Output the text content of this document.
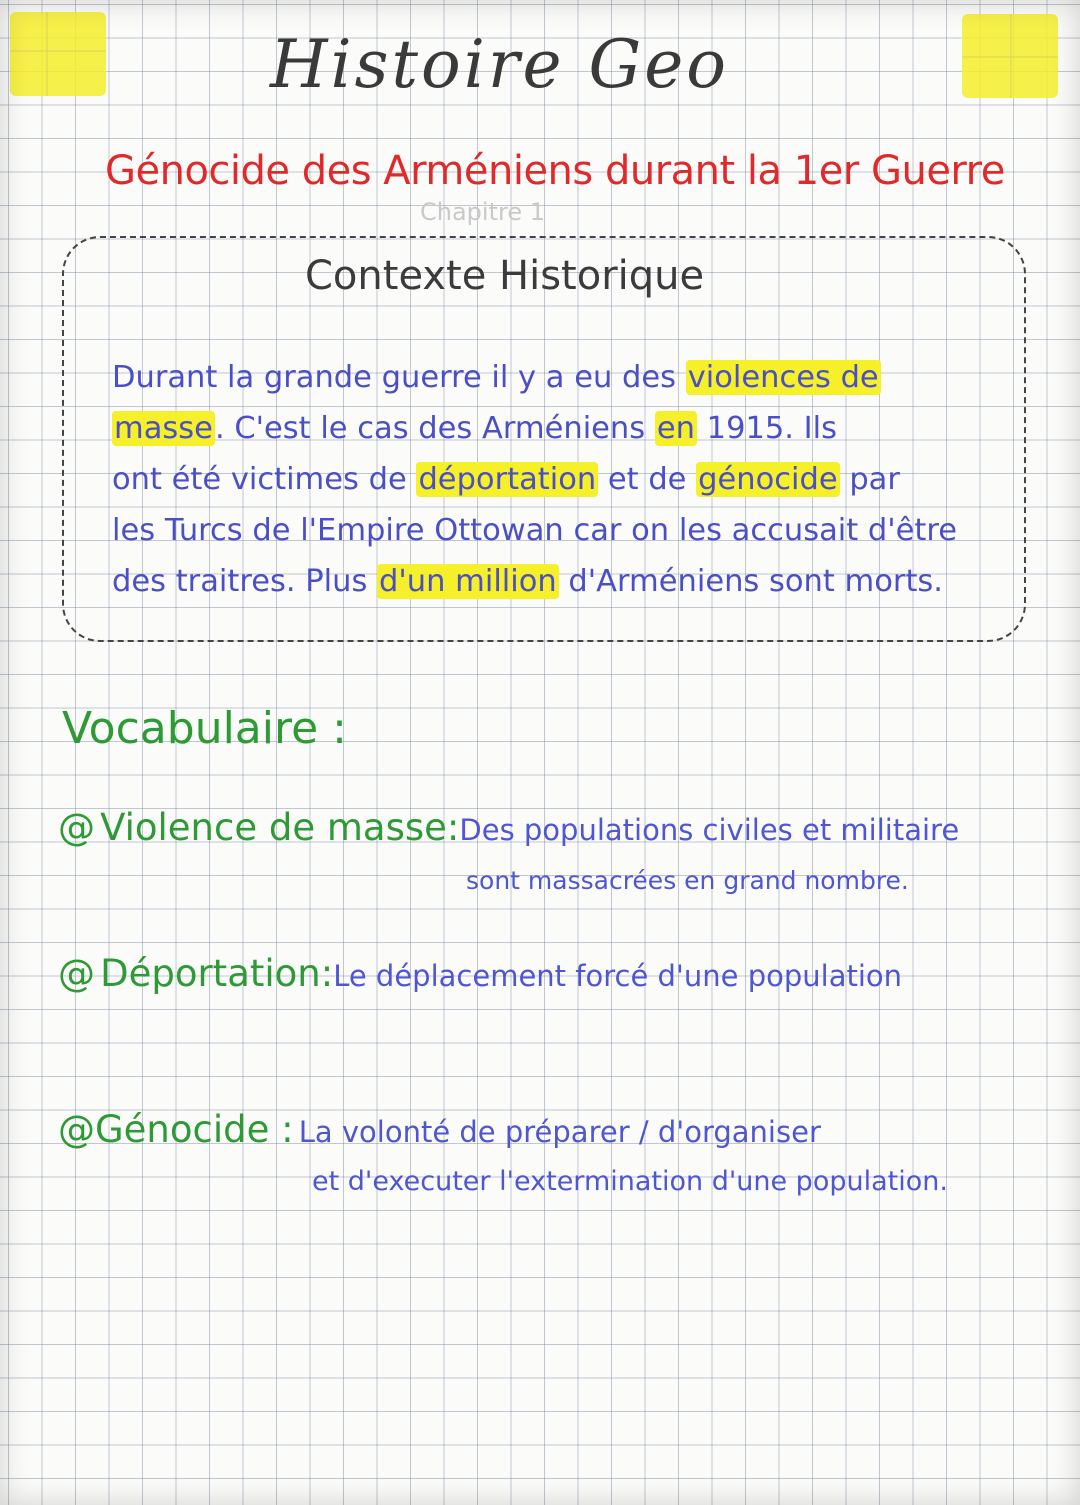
Histoire Geo
Génocide des Arméniens durant la 1er Guerre
Chapitre 1
Contexte Historique
Durant la grande guerre il y a eu des violences de
masse. C'est le cas des Arméniens en 1915. Ils
ont été victimes de déportation et de génocide par
les Turcs de l'Empire Ottowan car on les accusait d'être
des traitres. Plus d'un million d'Arméniens sont morts.
Vocabulaire :
@ Violence de masse:Des populations civiles et militaire
sont massacrées en grand nombre.
@ Déportation:Le déplacement forcé d'une population
@Génocide : La volonté de préparer / d'organiser
et d'executer l'extermination d'une population.
